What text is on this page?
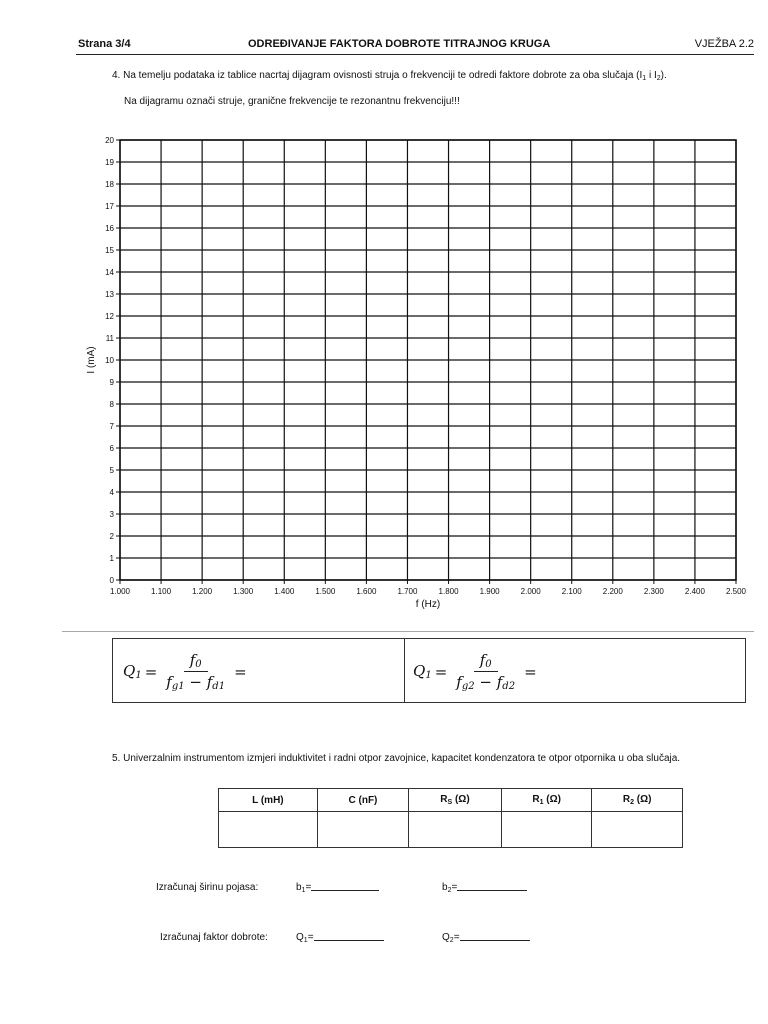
Strana 3/4	ODREĐIVANJE FAKTORA DOBROTE TITRAJNOG KRUGA	VJEŽBA 2.2
4. Na temelju podataka iz tablice nacrtaj dijagram ovisnosti struja o frekvenciji te odredi faktore dobrote za oba slučaja ($I_1$ i $I_2$).
Na dijagramu označi struje, granične frekvencije te rezonantnu frekvenciju!!!
0
1
2
3
4
5
6
7
8
9
10
11
12
13
14
15
16
17
18
19
20
1.000	1.100	1.200	1.300	1.400	1.500	1.600	1.700	1.800	1.900	2.000	2.100	2.200	2.300	2.400	2.500
f (Hz)
I (mA)
$Q_1 = \frac{f_0}{f_{g1} - f_{d1}}$ =	$Q_1 = \frac{f_0}{f_{g2} - f_{d2}}$ =
5. Univerzalnim instrumentom izmjeri induktivitet i radni otpor zavojnice, kapacitet kondenzatora te otpor otpornika u oba slučaja.
L (mH)	C (nF)	$R_S$ (Ω)	$R_1$ (Ω)	$R_2$ (Ω)

Izračunaj širinu pojasa:	$b_1=$	$b_2=$
Izračunaj faktor dobrote:	$Q_1=$	$Q_2=$
